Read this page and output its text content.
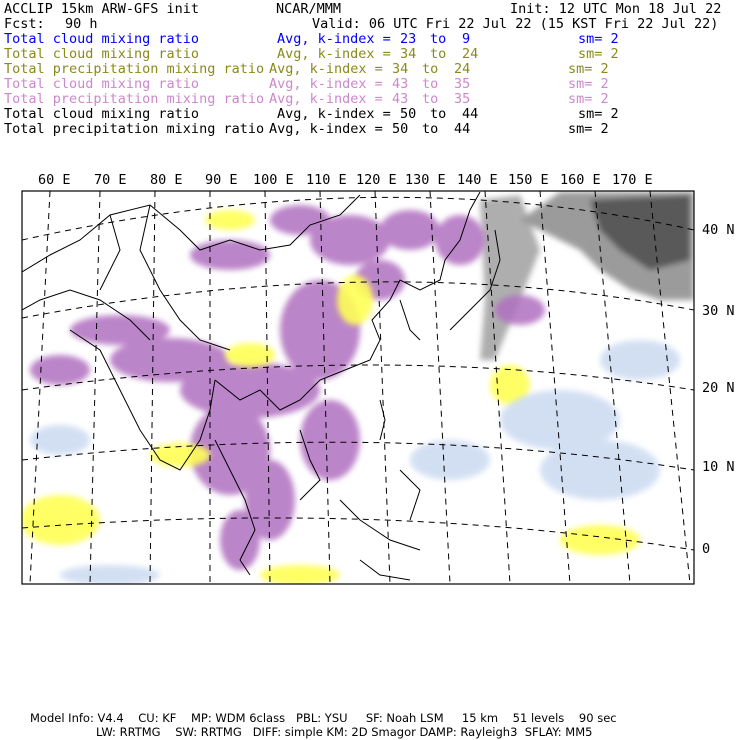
ACCLIP 15km ARW-GFS init	NCAR/MMM	Init: 12 UTC Mon 18 Jul 22
Fcst: 90 h	Valid: 06 UTC Fri 22 Jul 22 (15 KST Fri 22 Jul 22)
Total cloud mixing ratio	Avg, k-index = 23 to 9	sm= 2
Total cloud mixing ratio	Avg, k-index = 34 to 24	sm= 2
Total precipitation mixing ratio Avg, k-index = 34 to 24	sm= 2
Total cloud mixing ratio	Avg, k-index = 43 to 35	sm= 2
Total precipitation mixing ratio Avg, k-index = 43 to 35	sm= 2
Total cloud mixing ratio	Avg, k-index = 50 to 44	sm= 2
Total precipitation mixing ratio Avg, k-index = 50 to 44	sm= 2
60 E 70 E 80 E 90 E 100 E 110 E 120 E 130 E 140 E 150 E 160 E 170 E
40 N
30 N
20 N
10 N
0
Model Info: V4.4    CU: KF    MP: WDM 6class   PBL: YSU     SF: Noah LSM     15 km    51 levels    90 sec
LW: RRTMG    SW: RRTMG   DIFF: simple KM: 2D Smagor DAMP: Rayleigh3  SFLAY: MM5
